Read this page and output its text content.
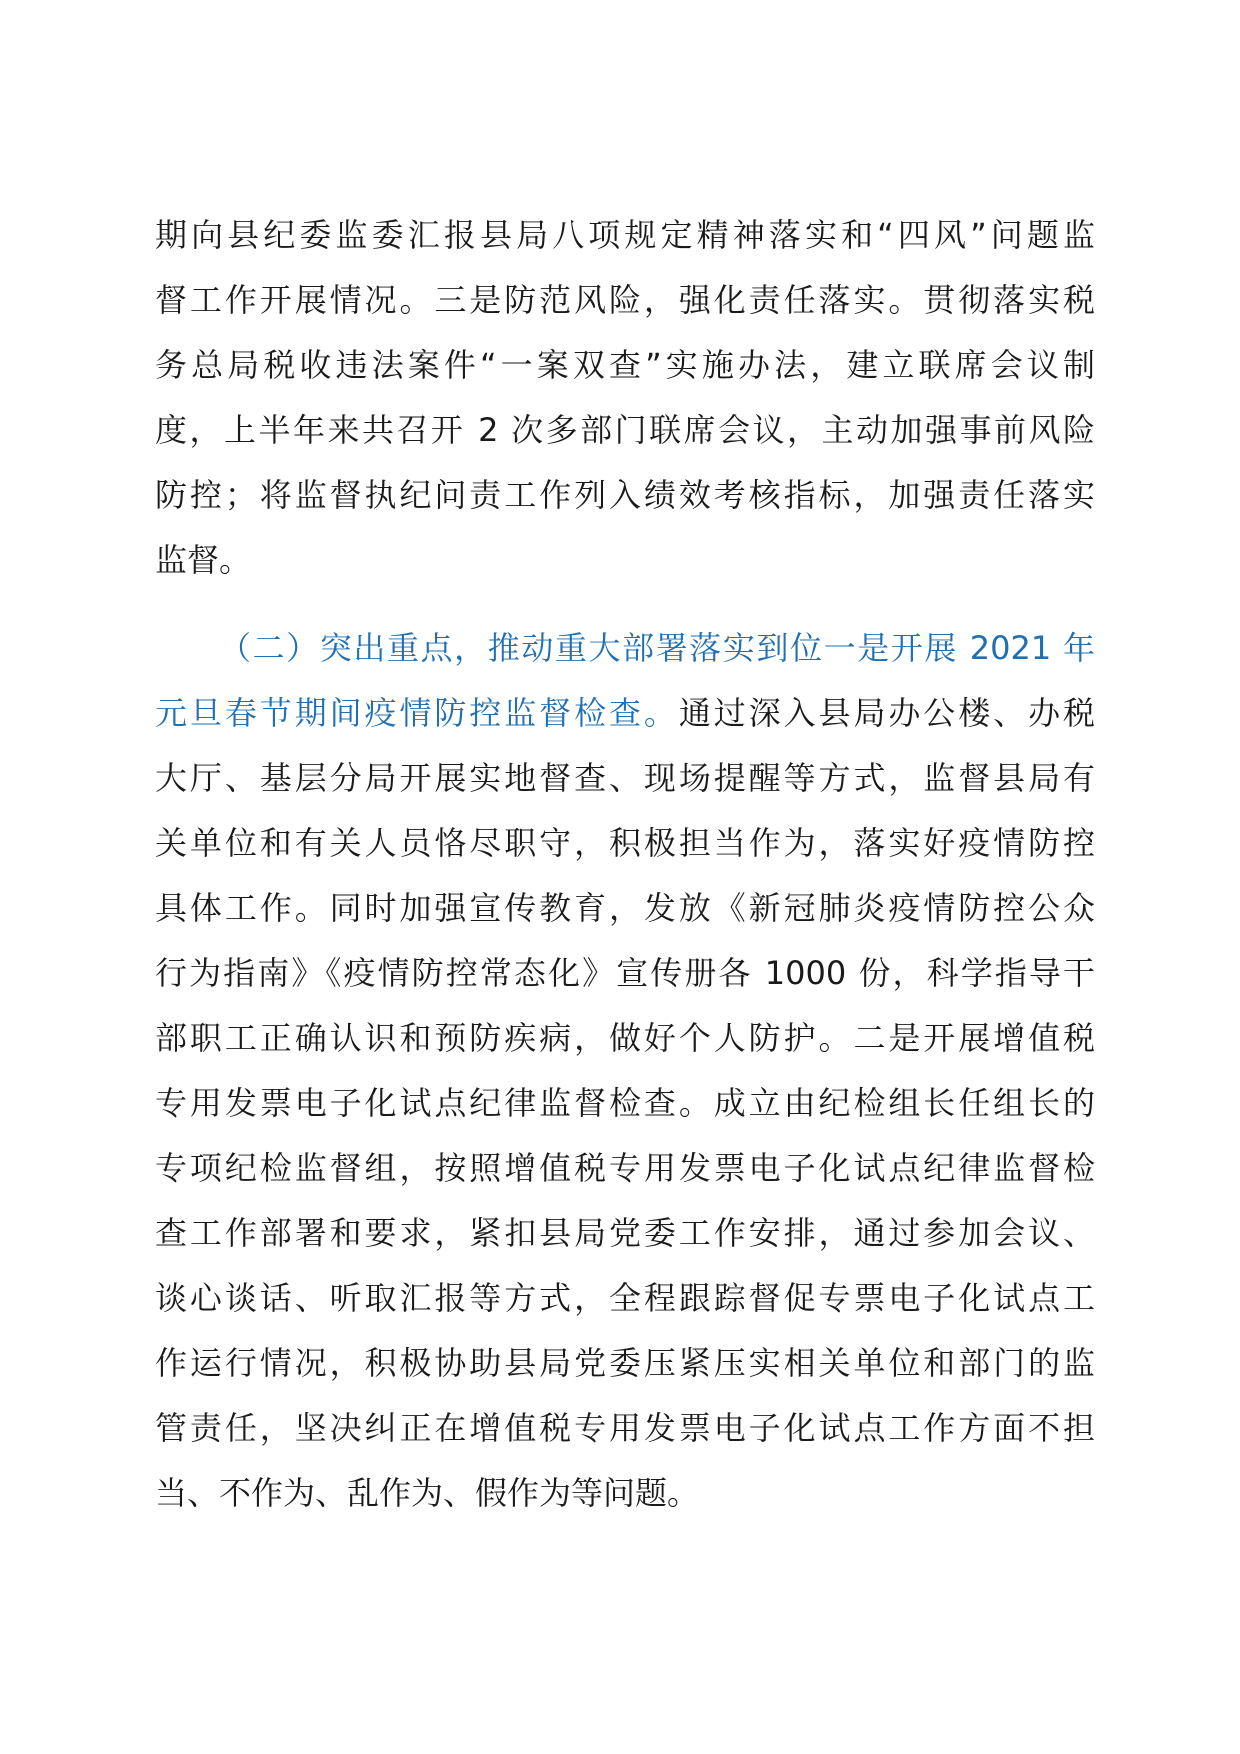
期向县纪委监委汇报县局八项规定精神落实和“四风”问题监
督工作开展情况。三是防范风险，强化责任落实。贯彻落实税
务总局税收违法案件“一案双查”实施办法，建立联席会议制
度，上半年来共召开 2 次多部门联席会议，主动加强事前风险
防控；将监督执纪问责工作列入绩效考核指标，加强责任落实
监督。
（二）突出重点，推动重大部署落实到位一是开展 2021 年
元旦春节期间疫情防控监督检查。通过深入县局办公楼、办税
大厅、基层分局开展实地督查、现场提醒等方式，监督县局有
关单位和有关人员恪尽职守，积极担当作为，落实好疫情防控
具体工作。同时加强宣传教育，发放《新冠肺炎疫情防控公众
行为指南》《疫情防控常态化》宣传册各 1000 份，科学指导干
部职工正确认识和预防疾病，做好个人防护。二是开展增值税
专用发票电子化试点纪律监督检查。成立由纪检组长任组长的
专项纪检监督组，按照增值税专用发票电子化试点纪律监督检
查工作部署和要求，紧扣县局党委工作安排，通过参加会议、
谈心谈话、听取汇报等方式，全程跟踪督促专票电子化试点工
作运行情况，积极协助县局党委压紧压实相关单位和部门的监
管责任，坚决纠正在增值税专用发票电子化试点工作方面不担
当、不作为、乱作为、假作为等问题。
